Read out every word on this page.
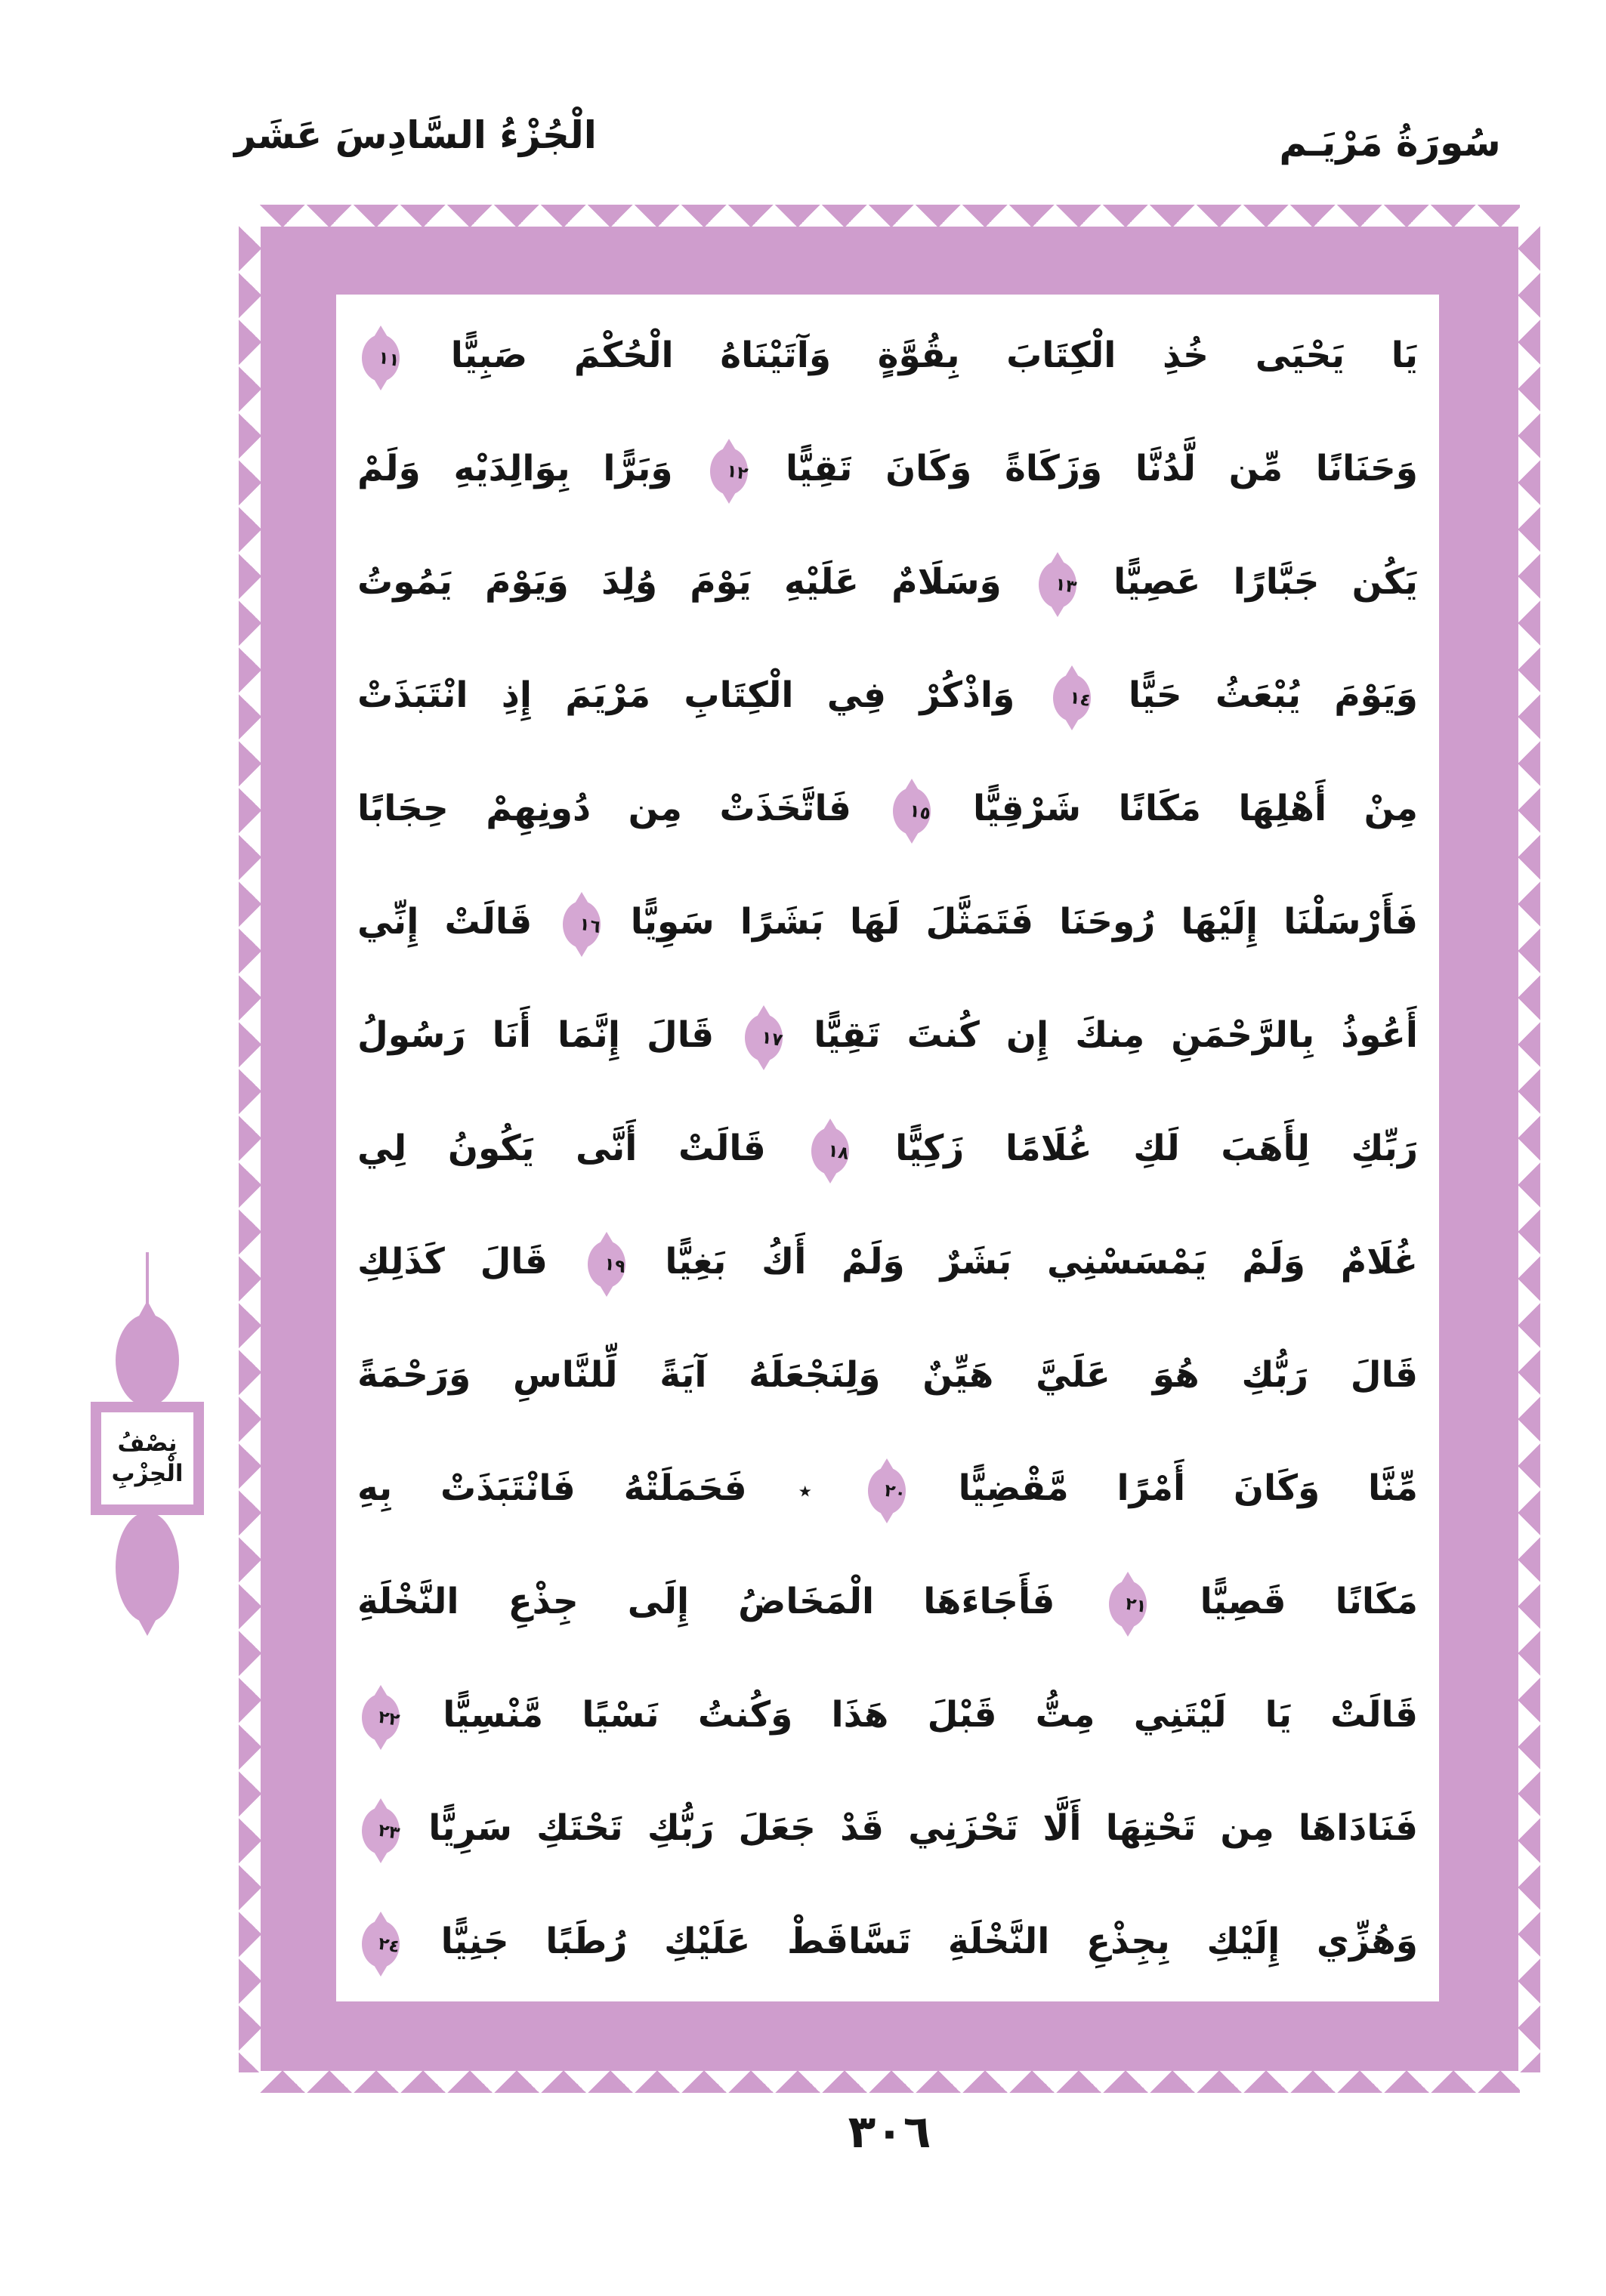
الْجُزْءُ السَّادِسَ عَشَر	سُورَةُ مَرْيَـم
يَا يَحْيَى خُذِ الْكِتَابَ بِقُوَّةٍ وَآتَيْنَاهُ الْحُكْمَ صَبِيًّا
١١
وَحَنَانًا مِّن لَّدُنَّا وَزَكَاةً وَكَانَ تَقِيًّا
١٢
وَبَرًّا بِوَالِدَيْهِ وَلَمْ
يَكُن جَبَّارًا عَصِيًّا
١٣
وَسَلَامٌ عَلَيْهِ يَوْمَ وُلِدَ وَيَوْمَ يَمُوتُ
وَيَوْمَ يُبْعَثُ حَيًّا
١٤
وَاذْكُرْ فِي الْكِتَابِ مَرْيَمَ إِذِ انْتَبَذَتْ
مِنْ أَهْلِهَا مَكَانًا شَرْقِيًّا
١٥
فَاتَّخَذَتْ مِن دُونِهِمْ حِجَابًا
فَأَرْسَلْنَا إِلَيْهَا رُوحَنَا فَتَمَثَّلَ لَهَا بَشَرًا سَوِيًّا
١٦
قَالَتْ إِنِّي
أَعُوذُ بِالرَّحْمَنِ مِنكَ إِن كُنتَ تَقِيًّا
١٧
قَالَ إِنَّمَا أَنَا رَسُولُ
رَبِّكِ لِأَهَبَ لَكِ غُلَامًا زَكِيًّا
١٨
قَالَتْ أَنَّى يَكُونُ لِي
غُلَامٌ وَلَمْ يَمْسَسْنِي بَشَرٌ وَلَمْ أَكُ بَغِيًّا
١٩
قَالَ كَذَلِكِ
قَالَ رَبُّكِ هُوَ عَلَيَّ هَيِّنٌ وَلِنَجْعَلَهُ آيَةً لِّلنَّاسِ وَرَحْمَةً
مِّنَّا وَكَانَ أَمْرًا مَّقْضِيًّا
٢٠
٭ فَحَمَلَتْهُ فَانْتَبَذَتْ بِهِ
مَكَانًا قَصِيًّا
٢١
فَأَجَاءَهَا الْمَخَاضُ إِلَى جِذْعِ النَّخْلَةِ
قَالَتْ يَا لَيْتَنِي مِتُّ قَبْلَ هَذَا وَكُنتُ نَسْيًا مَّنْسِيًّا
٢٢
فَنَادَاهَا مِن تَحْتِهَا أَلَّا تَحْزَنِي قَدْ جَعَلَ رَبُّكِ تَحْتَكِ سَرِيًّا
٢٣
وَهُزِّي إِلَيْكِ بِجِذْعِ النَّخْلَةِ تَسَّاقَطْ عَلَيْكِ رُطَبًا جَنِيًّا
٢٤
نِصْفُ
الْحِزْبِ
٣٠٦
